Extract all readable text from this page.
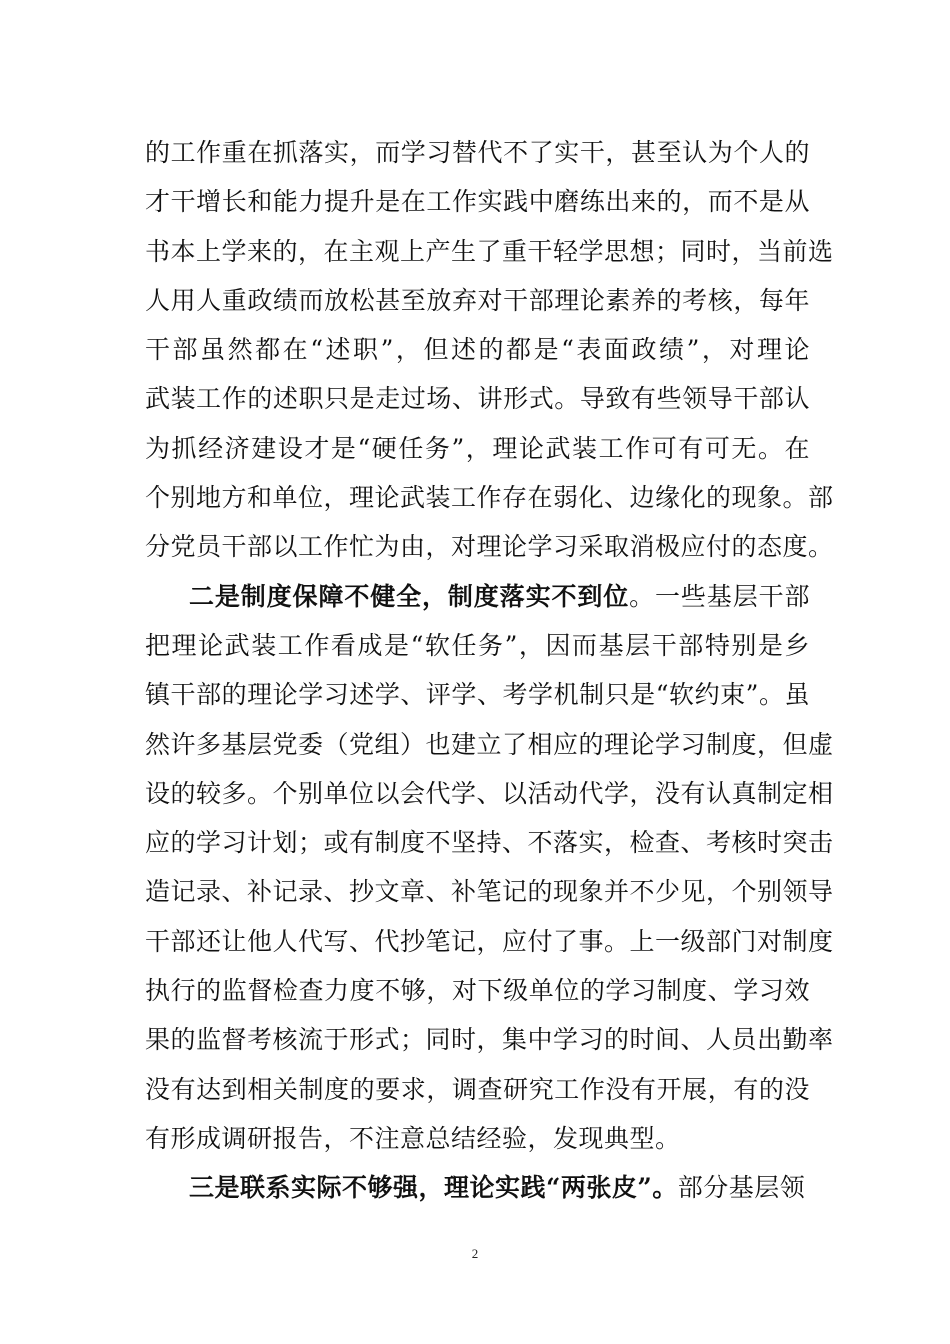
的工作重在抓落实，而学习替代不了实干，甚至认为个人的
才干增长和能力提升是在工作实践中磨练出来的，而不是从
书本上学来的，在主观上产生了重干轻学思想；同时，当前选
人用人重政绩而放松甚至放弃对干部理论素养的考核，每年
干部虽然都在“述职”，但述的都是“表面政绩”，对理论
武装工作的述职只是走过场、讲形式。导致有些领导干部认
为抓经济建设才是“硬任务”，理论武装工作可有可无。在
个别地方和单位，理论武装工作存在弱化、边缘化的现象。部
分党员干部以工作忙为由，对理论学习采取消极应付的态度。
二是制度保障不健全，制度落实不到位。一些基层干部
把理论武装工作看成是“软任务”，因而基层干部特别是乡
镇干部的理论学习述学、评学、考学机制只是“软约束”。虽
然许多基层党委（党组）也建立了相应的理论学习制度，但虚
设的较多。个别单位以会代学、以活动代学，没有认真制定相
应的学习计划；或有制度不坚持、不落实，检查、考核时突击
造记录、补记录、抄文章、补笔记的现象并不少见，个别领导
干部还让他人代写、代抄笔记，应付了事。上一级部门对制度
执行的监督检查力度不够，对下级单位的学习制度、学习效
果的监督考核流于形式；同时，集中学习的时间、人员出勤率
没有达到相关制度的要求，调查研究工作没有开展，有的没
有形成调研报告，不注意总结经验，发现典型。
三是联系实际不够强，理论实践“两张皮”。部分基层领
2
